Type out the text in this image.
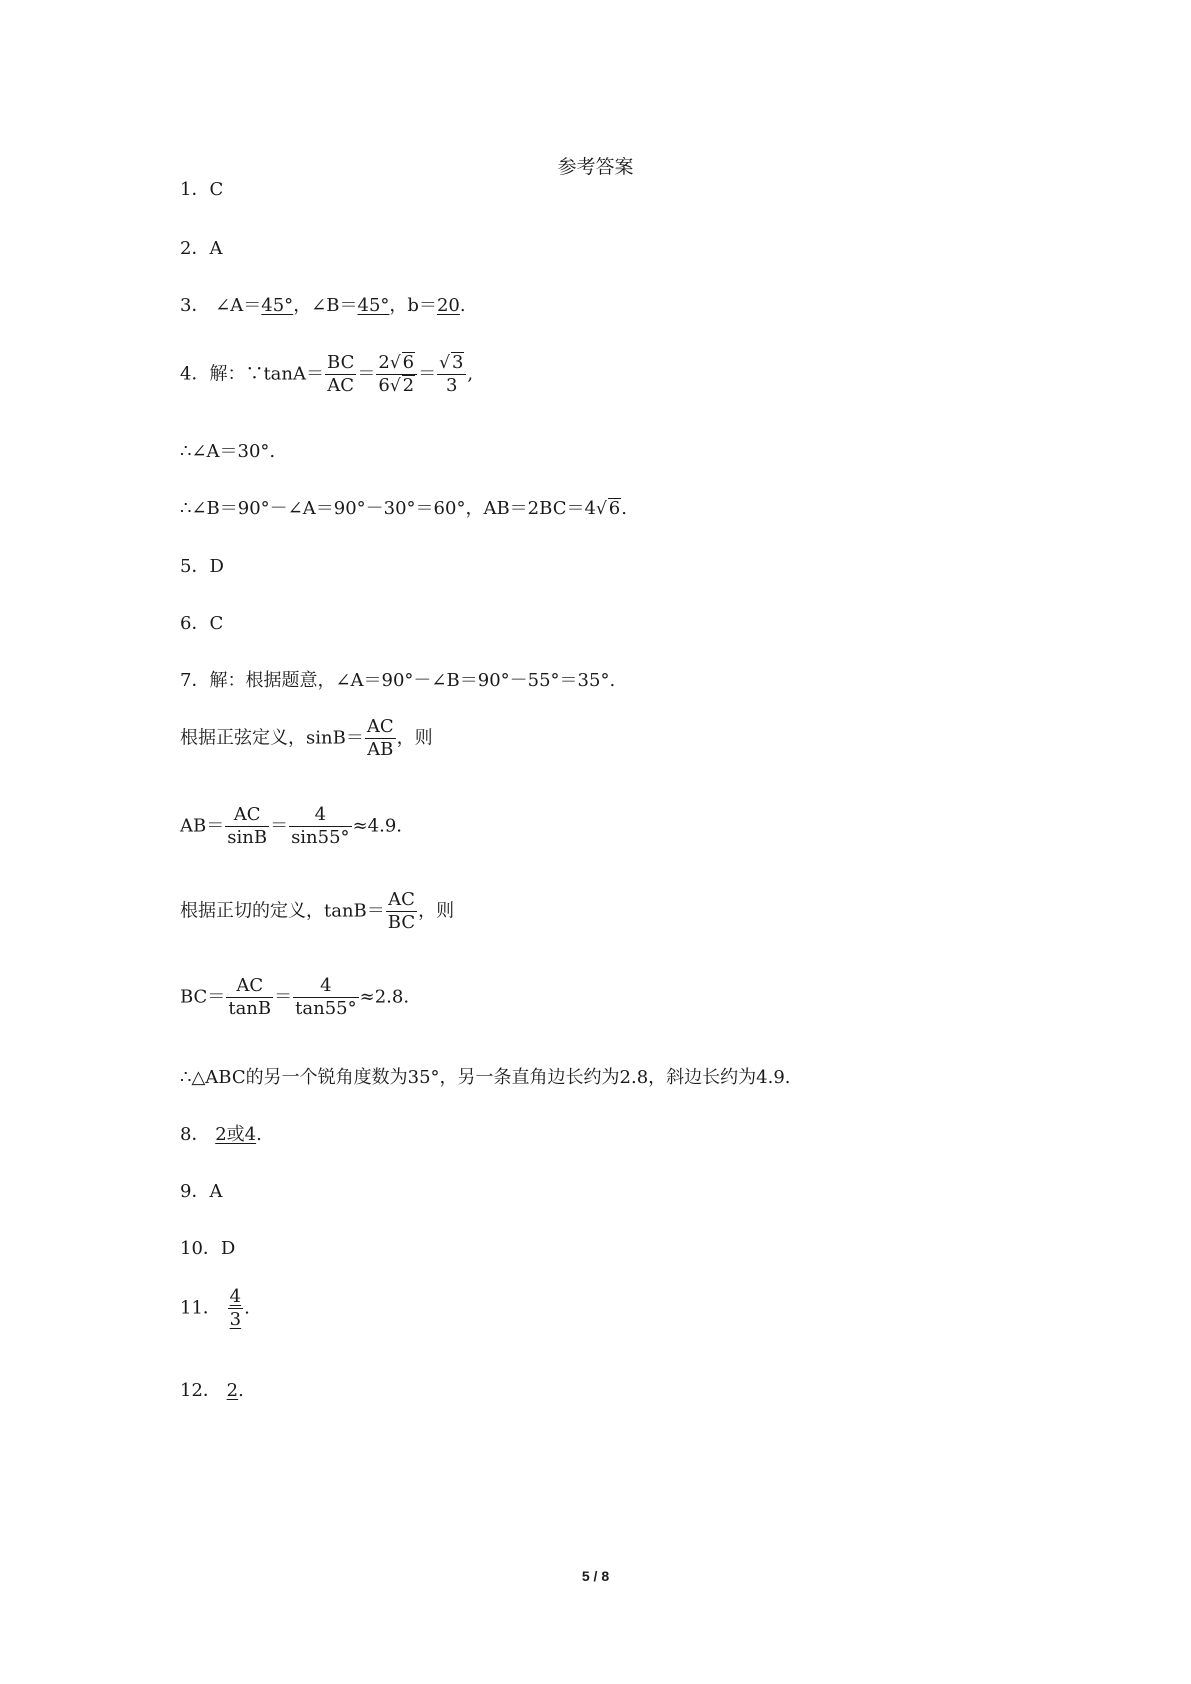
参考答案
1．C
2．A
3． ∠A＝45°，∠B＝45°，b＝20.
4．解：∵tanA＝ $\frac{BC}{AC} = \frac{2√ 6}{6√ 2} = \frac{√ 3}{3}$ ,
∴∠A＝30°.
∴∠B＝90°－∠A＝90°－30°＝60°，AB＝2BC＝4√ 6.
5．D
6．C
7．解：根据题意，∠A＝90°－∠B＝90°－55°＝35°.
根据正弦定义，$\sin B= \frac{AC}{AB}$ ，则
$AB= \frac{AC}{\sin B} = \frac{4}{\sin 55^\circ} \approx 4.9$.
根据正切的定义，$\tan B= \frac{AC}{BC}$ ，则
$BC= \frac{AC}{\tan B} = \frac{4}{\tan 55^\circ} \approx 2.8$.
∴△ABC的另一个锐角度数为35°，另一条直角边长约为2.8，斜边长约为4.9.
8． 2或4.
9．A
10．D
11． $\frac{4}{3}$ .
12． 2.
5 / 8
